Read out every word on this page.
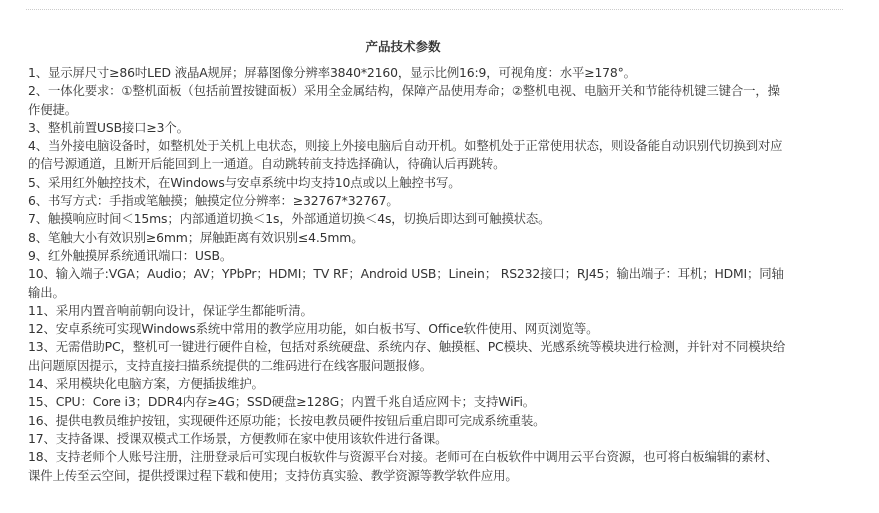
产品技术参数
1、显示屏尺寸≥86吋LED 液晶A规屏；屏幕图像分辨率3840*2160，显示比例16:9，可视角度：水平≥178°。
2、一体化要求：①整机面板（包括前置按键面板）采用全金属结构，保障产品使用寿命；②整机电视、电脑开关和节能待机键三键合一，操作便捷。
3、整机前置USB接口≥3个。
4、当外接电脑设备时，如整机处于关机上电状态，则接上外接电脑后自动开机。如整机处于正常使用状态，则设备能自动识别代切换到对应的信号源通道，且断开后能回到上一通道。自动跳转前支持选择确认，待确认后再跳转。
5、采用红外触控技术，在Windows与安卓系统中均支持10点或以上触控书写。
6、书写方式：手指或笔触摸；触摸定位分辨率：≥32767*32767。
7、触摸响应时间＜15ms；内部通道切换＜1s，外部通道切换＜4s，切换后即达到可触摸状态。
8、笔触大小有效识别≥6mm；屏触距离有效识别≤4.5mm。
9、红外触摸屏系统通讯端口：USB。
10、输入端子:VGA；Audio；AV；YPbPr；HDMI；TV RF；Android USB；Linein； RS232接口；RJ45；输出端子：耳机；HDMI；同轴输出。
11、采用内置音响前朝向设计，保证学生都能听清。
12、安卓系统可实现Windows系统中常用的教学应用功能，如白板书写、Office软件使用、网页浏览等。
13、无需借助PC，整机可一键进行硬件自检，包括对系统硬盘、系统内存、触摸框、PC模块、光感系统等模块进行检测，并针对不同模块给出问题原因提示，支持直接扫描系统提供的二维码进行在线客服问题报修。
14、采用模块化电脑方案，方便插拔维护。
15、CPU：Core i3；DDR4内存≥4G；SSD硬盘≥128G；内置千兆自适应网卡；支持WiFi。
16、提供电教员维护按钮，实现硬件还原功能；长按电教员硬件按钮后重启即可完成系统重装。
17、支持备课、授课双模式工作场景，方便教师在家中使用该软件进行备课。
18、支持老师个人账号注册，注册登录后可实现白板软件与资源平台对接。老师可在白板软件中调用云平台资源，也可将白板编辑的素材、课件上传至云空间，提供授课过程下载和使用；支持仿真实验、教学资源等教学软件应用。
